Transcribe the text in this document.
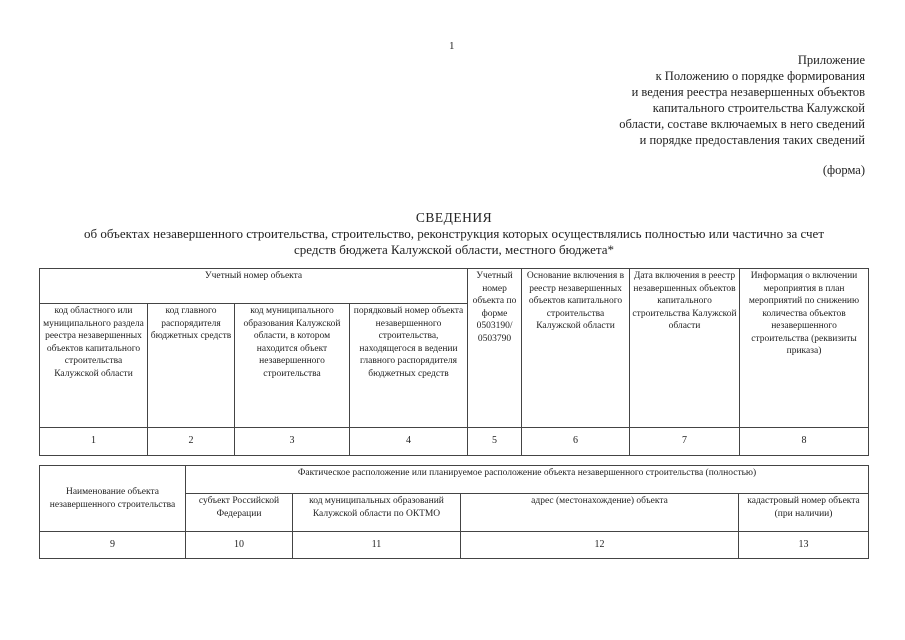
1
Приложение
к Положению о порядке формирования
и ведения реестра незавершенных объектов
капитального строительства Калужской
области, составе включаемых в него сведений
и порядке предоставления таких сведений
(форма)
СВЕДЕНИЯ
об объектах незавершенного строительства, строительство, реконструкция которых осуществлялись полностью или частично за счет
средств бюджета Калужской области, местного бюджета*
Учетный номер объекта				Учетный номер объекта по форме 0503190/ 0503790	Основание включения в реестр незавершенных объектов капитального строительства Калужской области	Дата включения в реестр незавершенных объектов капитального строительства Калужской области	Информация о включении мероприятия в план мероприятий по снижению количества объектов незавершенного строительства (реквизиты приказа)
код областного или муниципального раздела реестра незавершенных объектов капитального строительства Калужской области	код главного распорядителя бюджетных средств	код муниципального образования Калужской области, в котором находится объект незавершенного строительства	порядковый номер объекта незавершенного строительства, находящегося в ведении главного распорядителя бюджетных средств				
1	2	3	4	5	6	7	8
Наименование объекта незавершенного строительства	Фактическое расположение или планируемое расположение объекта незавершенного строительства (полностью)			
	субъект Российской Федерации	код муниципальных образований Калужской области по ОКТМО	адрес (местонахождение) объекта	кадастровый номер объекта (при наличии)
9	10	11	12	13
